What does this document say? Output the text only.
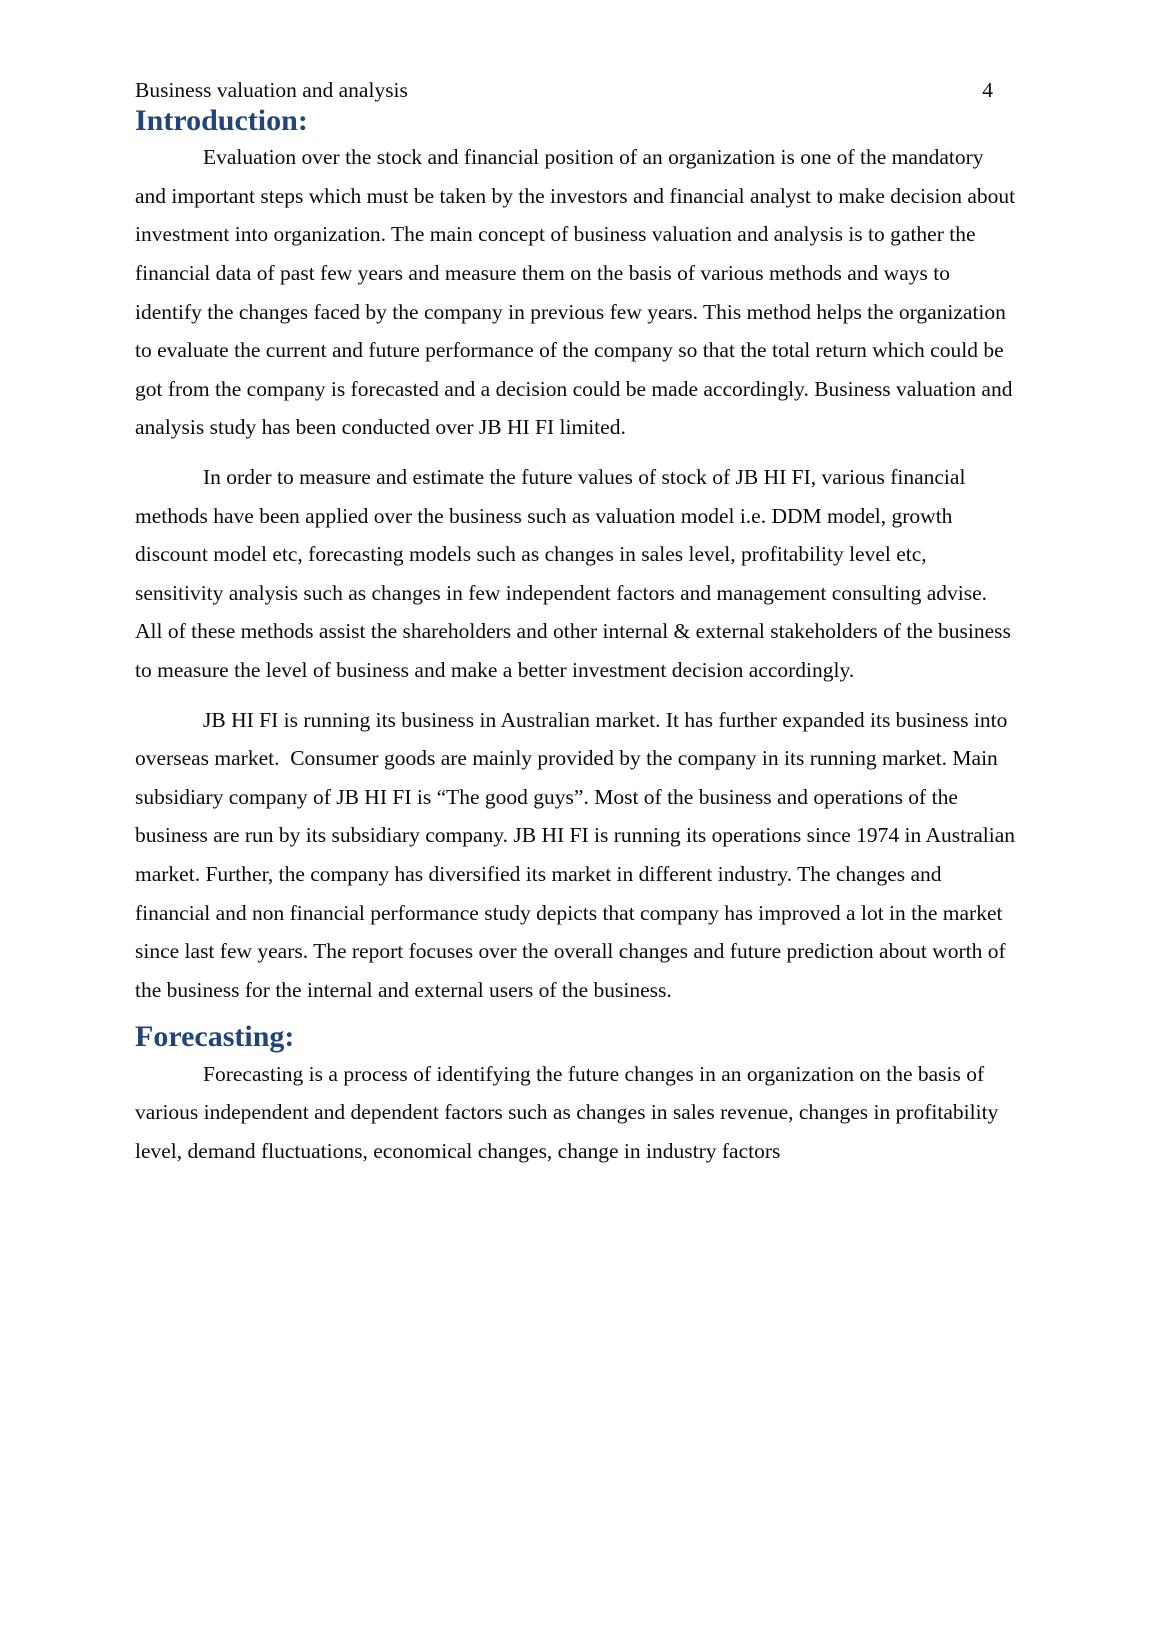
Business valuation and analysis	4
Introduction:

Evaluation over the stock and financial position of an organization is one of the mandatory and important steps which must be taken by the investors and financial analyst to make decision about investment into organization. The main concept of business valuation and analysis is to gather the financial data of past few years and measure them on the basis of various methods and ways to identify the changes faced by the company in previous few years. This method helps the organization to evaluate the current and future performance of the company so that the total return which could be got from the company is forecasted and a decision could be made accordingly. Business valuation and analysis study has been conducted over JB HI FI limited.

In order to measure and estimate the future values of stock of JB HI FI, various financial methods have been applied over the business such as valuation model i.e. DDM model, growth discount model etc, forecasting models such as changes in sales level, profitability level etc, sensitivity analysis such as changes in few independent factors and management consulting advise. All of these methods assist the shareholders and other internal & external stakeholders of the business to measure the level of business and make a better investment decision accordingly.

JB HI FI is running its business in Australian market. It has further expanded its business into overseas market.  Consumer goods are mainly provided by the company in its running market. Main subsidiary company of JB HI FI is “The good guys”. Most of the business and operations of the business are run by its subsidiary company. JB HI FI is running its operations since 1974 in Australian market. Further, the company has diversified its market in different industry. The changes and financial and non financial performance study depicts that company has improved a lot in the market since last few years. The report focuses over the overall changes and future prediction about worth of the business for the internal and external users of the business.

Forecasting:

Forecasting is a process of identifying the future changes in an organization on the basis of various independent and dependent factors such as changes in sales revenue, changes in profitability level, demand fluctuations, economical changes, change in industry factors
